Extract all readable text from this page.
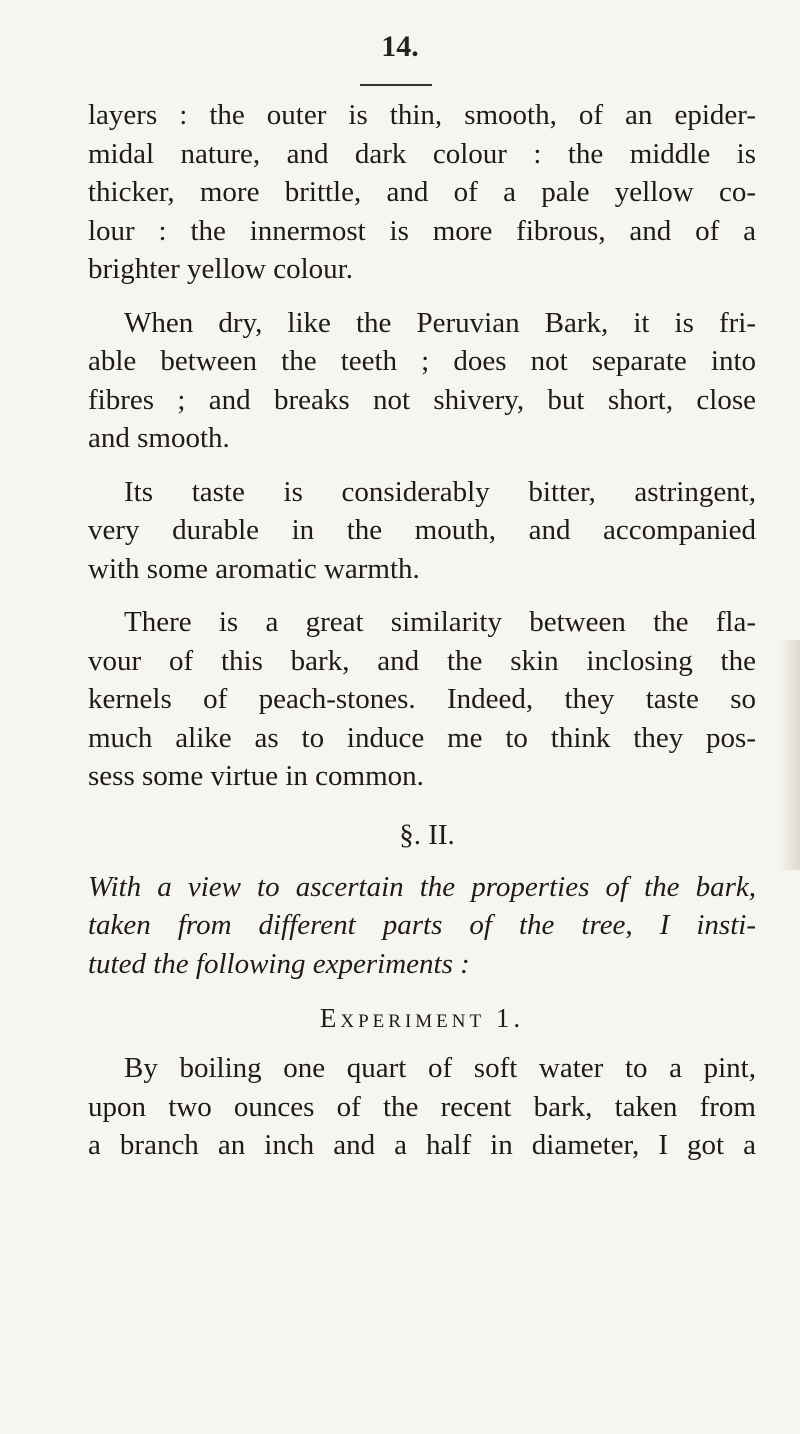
14.
layers : the outer is thin, smooth, of an epider-
midal nature, and dark colour : the middle is
thicker, more brittle, and of a pale yellow co-
lour : the innermost is more fibrous, and of a
brighter yellow colour.
When dry, like the Peruvian Bark, it is fri-
able between the teeth ; does not separate into
fibres ; and breaks not shivery, but short, close
and smooth.
Its taste is considerably bitter, astringent,
very durable in the mouth, and accompanied
with some aromatic warmth.
There is a great similarity between the fla-
vour of this bark, and the skin inclosing the
kernels of peach-stones. Indeed, they taste so
much alike as to induce me to think they pos-
sess some virtue in common.
§. II.
With a view to ascertain the properties of the bark,
taken from different parts of the tree, I insti-
tuted the following experiments :
Experiment 1.
By boiling one quart of soft water to a pint,
upon two ounces of the recent bark, taken from
a branch an inch and a half in diameter, I got a
